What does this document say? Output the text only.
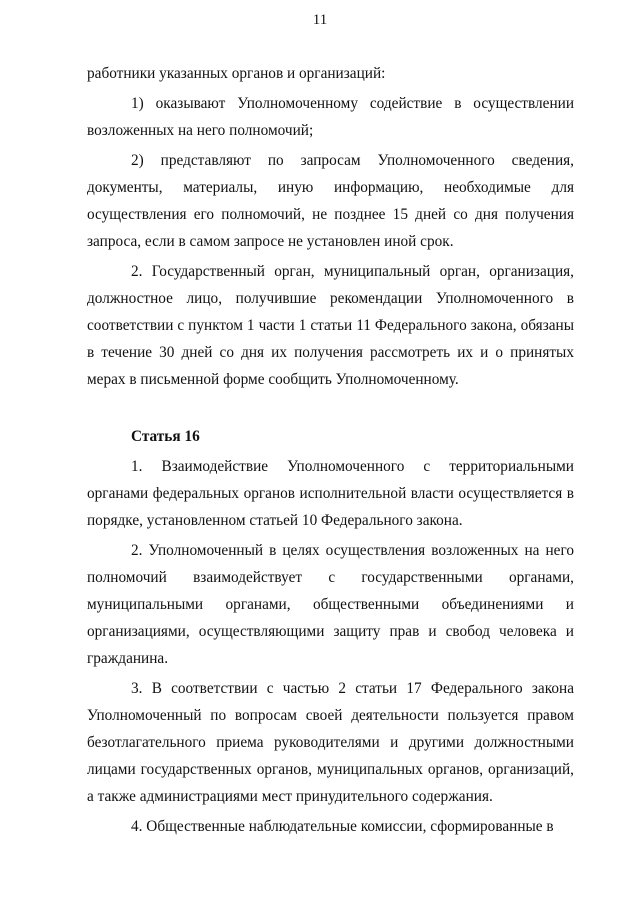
11

работники указанных органов и организаций:

1) оказывают Уполномоченному содействие в осуществлении возложенных на него полномочий;

2) представляют по запросам Уполномоченного сведения, документы, материалы, иную информацию, необходимые для осуществления его полномочий, не позднее 15 дней со дня получения запроса, если в самом запросе не установлен иной срок.

2. Государственный орган, муниципальный орган, организация, должностное лицо, получившие рекомендации Уполномоченного в соответствии с пунктом 1 части 1 статьи 11 Федерального закона, обязаны в течение 30 дней со дня их получения рассмотреть их и о принятых мерах в письменной форме сообщить Уполномоченному.

Статья 16

1. Взаимодействие Уполномоченного с территориальными органами федеральных органов исполнительной власти осуществляется в порядке, установленном статьей 10 Федерального закона.

2. Уполномоченный в целях осуществления возложенных на него полномочий взаимодействует с государственными органами, муниципальными органами, общественными объединениями и организациями, осуществляющими защиту прав и свобод человека и гражданина.

3. В соответствии с частью 2 статьи 17 Федерального закона Уполномоченный по вопросам своей деятельности пользуется правом безотлагательного приема руководителями и другими должностными лицами государственных органов, муниципальных органов, организаций, а также администрациями мест принудительного содержания.

4. Общественные наблюдательные комиссии, сформированные в
